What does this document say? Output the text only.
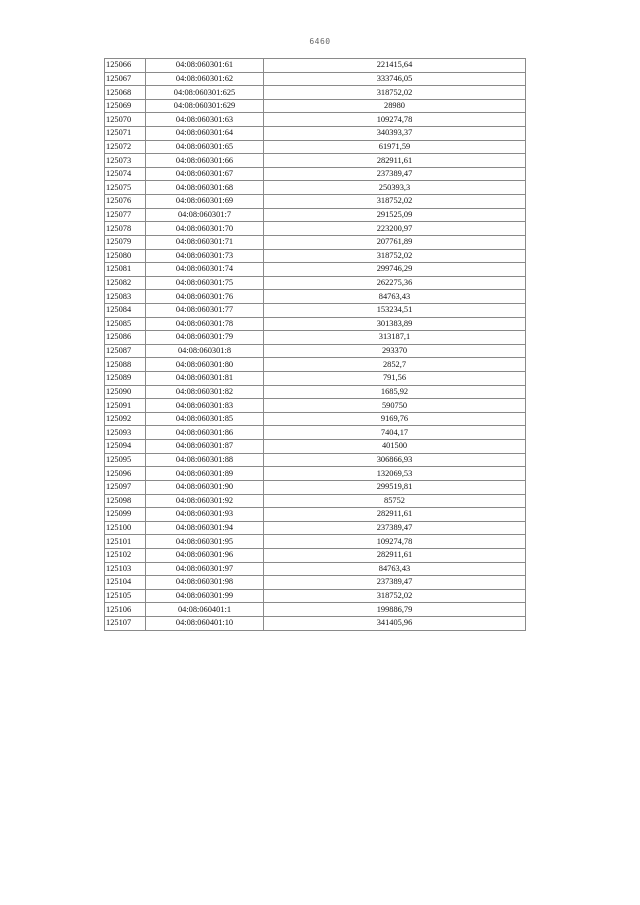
6460
125066	04:08:060301:61	221415,64
125067	04:08:060301:62	333746,05
125068	04:08:060301:625	318752,02
125069	04:08:060301:629	28980
125070	04:08:060301:63	109274,78
125071	04:08:060301:64	340393,37
125072	04:08:060301:65	61971,59
125073	04:08:060301:66	282911,61
125074	04:08:060301:67	237389,47
125075	04:08:060301:68	250393,3
125076	04:08:060301:69	318752,02
125077	04:08:060301:7	291525,09
125078	04:08:060301:70	223200,97
125079	04:08:060301:71	207761,89
125080	04:08:060301:73	318752,02
125081	04:08:060301:74	299746,29
125082	04:08:060301:75	262275,36
125083	04:08:060301:76	84763,43
125084	04:08:060301:77	153234,51
125085	04:08:060301:78	301383,89
125086	04:08:060301:79	313187,1
125087	04:08:060301:8	293370
125088	04:08:060301:80	2852,7
125089	04:08:060301:81	791,56
125090	04:08:060301:82	1685,92
125091	04:08:060301:83	590750
125092	04:08:060301:85	9169,76
125093	04:08:060301:86	7404,17
125094	04:08:060301:87	401500
125095	04:08:060301:88	306866,93
125096	04:08:060301:89	132069,53
125097	04:08:060301:90	299519,81
125098	04:08:060301:92	85752
125099	04:08:060301:93	282911,61
125100	04:08:060301:94	237389,47
125101	04:08:060301:95	109274,78
125102	04:08:060301:96	282911,61
125103	04:08:060301:97	84763,43
125104	04:08:060301:98	237389,47
125105	04:08:060301:99	318752,02
125106	04:08:060401:1	199886,79
125107	04:08:060401:10	341405,96
